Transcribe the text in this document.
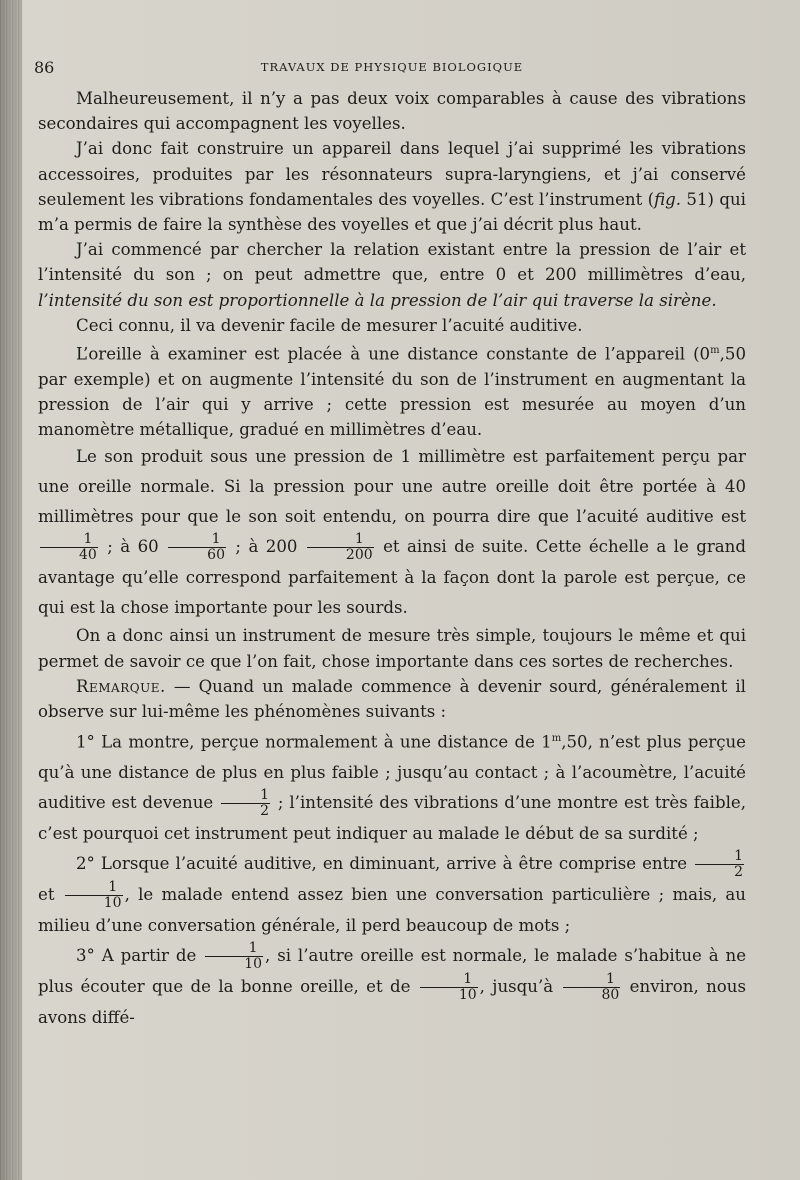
86	TRAVAUX DE PHYSIQUE BIOLOGIQUE

Malheureusement, il n’y a pas deux voix comparables à cause des vibrations secondaires qui accompagnent les voyelles.

J’ai donc fait construire un appareil dans lequel j’ai supprimé les vibrations accessoires, produites par les résonnateurs supra-laryngiens, et j’ai conservé seulement les vibrations fondamentales des voyelles. C’est l’instrument (fig. 51) qui m’a permis de faire la synthèse des voyelles et que j’ai décrit plus haut.

J’ai commencé par chercher la relation existant entre la pression de l’air et l’intensité du son ; on peut admettre que, entre 0 et 200 millimètres d’eau, l’intensité du son est proportionnelle à la pression de l’air qui traverse la sirène.

Ceci connu, il va devenir facile de mesurer l’acuité auditive.

L’oreille à examiner est placée à une distance constante de l’appareil (0$^m$,50 par exemple) et on augmente l’intensité du son de l’instrument en augmentant la pression de l’air qui y arrive ; cette pression est mesurée au moyen d’un manomètre métallique, gradué en millimètres d’eau.

Le son produit sous une pression de 1 millimètre est parfaitement perçu par une oreille normale. Si la pression pour une autre oreille doit être portée à 40 millimètres pour que le son soit entendu, on pourra dire que l’acuité auditive est
$\frac{1}{40}$ ; à $60 \frac{1}{60}$ ; à $200 \frac{1}{200}$ et ainsi de suite. Cette échelle a le grand avantage qu’elle correspond parfaitement à la façon dont la parole est perçue, ce qui est la chose importante pour les sourds.

On a donc ainsi un instrument de mesure très simple, toujours le même et qui permet de savoir ce que l’on fait, chose importante dans ces sortes de recherches.

Remarque. — Quand un malade commence à devenir sourd, généralement il observe sur lui-même les phénomènes suivants :

1° La montre, perçue normalement à une distance de 1$^m$,50, n’est plus perçue qu’à une distance de plus en plus faible ; jusqu’au contact ; à l’acoumètre, l’acuité auditive est devenue $\frac{1}{2}$ ; l’intensité des vibrations d’une montre est très faible, c’est pourquoi cet instrument peut indiquer au malade le début de sa surdité ;

2° Lorsque l’acuité auditive, en diminuant, arrive à être comprise entre $\frac{1}{2}$
et $\frac{1}{10}$ , le malade entend assez bien une conversation particulière ; mais, au milieu d’une conversation générale, il perd beaucoup de mots ;

3° A partir de $\frac{1}{10}$ , si l’autre oreille est normale, le malade s’habitue à ne plus écouter que de la bonne oreille, et de $\frac{1}{10}$ , jusqu’à $\frac{1}{80}$ environ, nous avons diffé-
